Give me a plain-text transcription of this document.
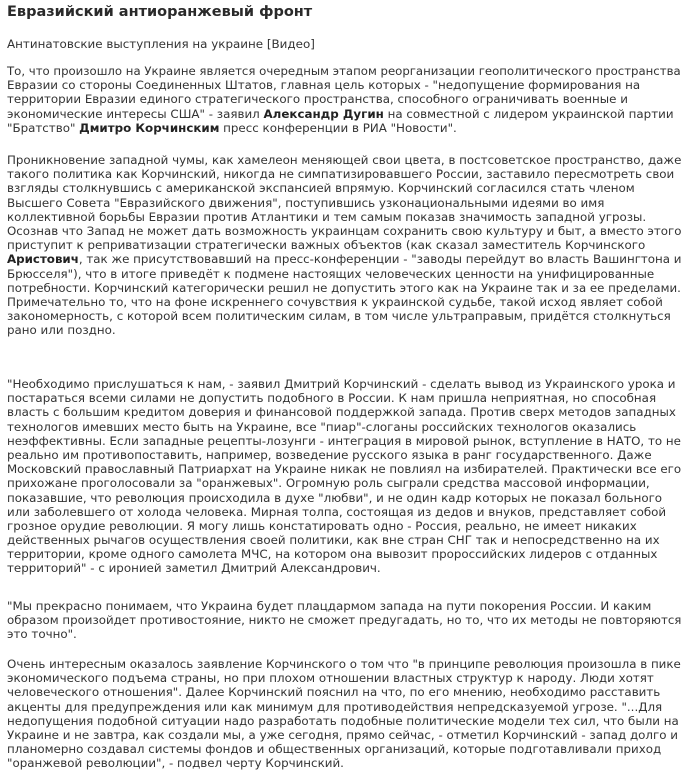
Евразийский антиоранжевый фронт
Антинатовские выступления на украине [Видео]
То, что произошло на Украине является очередным этапом реорганизации геополитического пространства
Евразии со стороны Соединенных Штатов, главная цель которых - "недопущение формирования на
территории Евразии единого стратегического пространства, способного ограничивать военные и
экономические интересы США" - заявил Александр Дугин на совместной с лидером украинской партии
"Братство" Дмитро Корчинским пресс конференции в РИА "Новости".
Проникновение западной чумы, как хамелеон меняющей свои цвета, в постсоветское пространство, даже
такого политика как Корчинский, никогда не симпатизировавшего России, заставило пересмотреть свои
взгляды столкнувшись с американской экспансией впрямую. Корчинский согласился стать членом
Высшего Совета "Евразийского движения", поступившись узконациональными идеями во имя
коллективной борьбы Евразии против Атлантики и тем самым показав значимость западной угрозы.
Осознав что Запад не может дать возможность украинцам сохранить свою культуру и быт, а вместо этого
приступит к реприватизации стратегически важных объектов (как сказал заместитель Корчинского
Аристович, так же присутствовавший на пресс-конференции - "заводы перейдут во власть Вашингтона и
Брюсселя"), что в итоге приведёт к подмене настоящих человеческих ценности на унифицированные
потребности. Корчинский категорически решил не допустить этого как на Украине так и за ее пределами.
Примечательно то, что на фоне искреннего сочувствия к украинской судьбе, такой исход являет собой
закономерность, с которой всем политическим силам, в том числе ультраправым, придётся столкнуться
рано или поздно.
"Необходимо прислушаться к нам, - заявил Дмитрий Корчинский - сделать вывод из Украинского урока и
постараться всеми силами не допустить подобного в России. К нам пришла неприятная, но способная
власть с большим кредитом доверия и финансовой поддержкой запада. Против сверх методов западных
технологов имевших место быть на Украине, все "пиар"-слоганы российских технологов оказались
неэффективны. Если западные рецепты-лозунги - интеграция в мировой рынок, вступление в НАТО, то не
реально им противопоставить, например, возведение русского языка в ранг государственного. Даже
Московский православный Патриархат на Украине никак не повлиял на избирателей. Практически все его
прихожане проголосовали за "оранжевых". Огромную роль сыграли средства массовой информации,
показавшие, что революция происходила в духе "любви", и не один кадр которых не показал больного
или заболевшего от холода человека. Мирная толпа, состоящая из дедов и внуков, представляет собой
грозное орудие революции. Я могу лишь констатировать одно - Россия, реально, не имеет никаких
действенных рычагов осуществления своей политики, как вне стран СНГ так и непосредственно на их
территории, кроме одного самолета МЧС, на котором она вывозит пророссийских лидеров с отданных
территорий" - с иронией заметил Дмитрий Александрович.
"Мы прекрасно понимаем, что Украина будет плацдармом запада на пути покорения России. И каким
образом произойдет противостояние, никто не сможет предугадать, но то, что их методы не повторяются
это точно".
Очень интересным оказалось заявление Корчинского о том что "в принципе революция произошла в пике
экономического подъема страны, но при плохом отношении властных структур к народу. Люди хотят
человеческого отношения". Далее Корчинский пояснил на что, по его мнению, необходимо расставить
акценты для предупреждения или как минимум для противодействия непредсказуемой угрозе. "...Для
недопущения подобной ситуации надо разработать подобные политические модели тех сил, что были на
Украине и не завтра, как создали мы, а уже сегодня, прямо сейчас, - отметил Корчинский - запад долго и
планомерно создавал системы фондов и общественных организаций, которые подготавливали приход
"оранжевой революции", - подвел черту Корчинский.
